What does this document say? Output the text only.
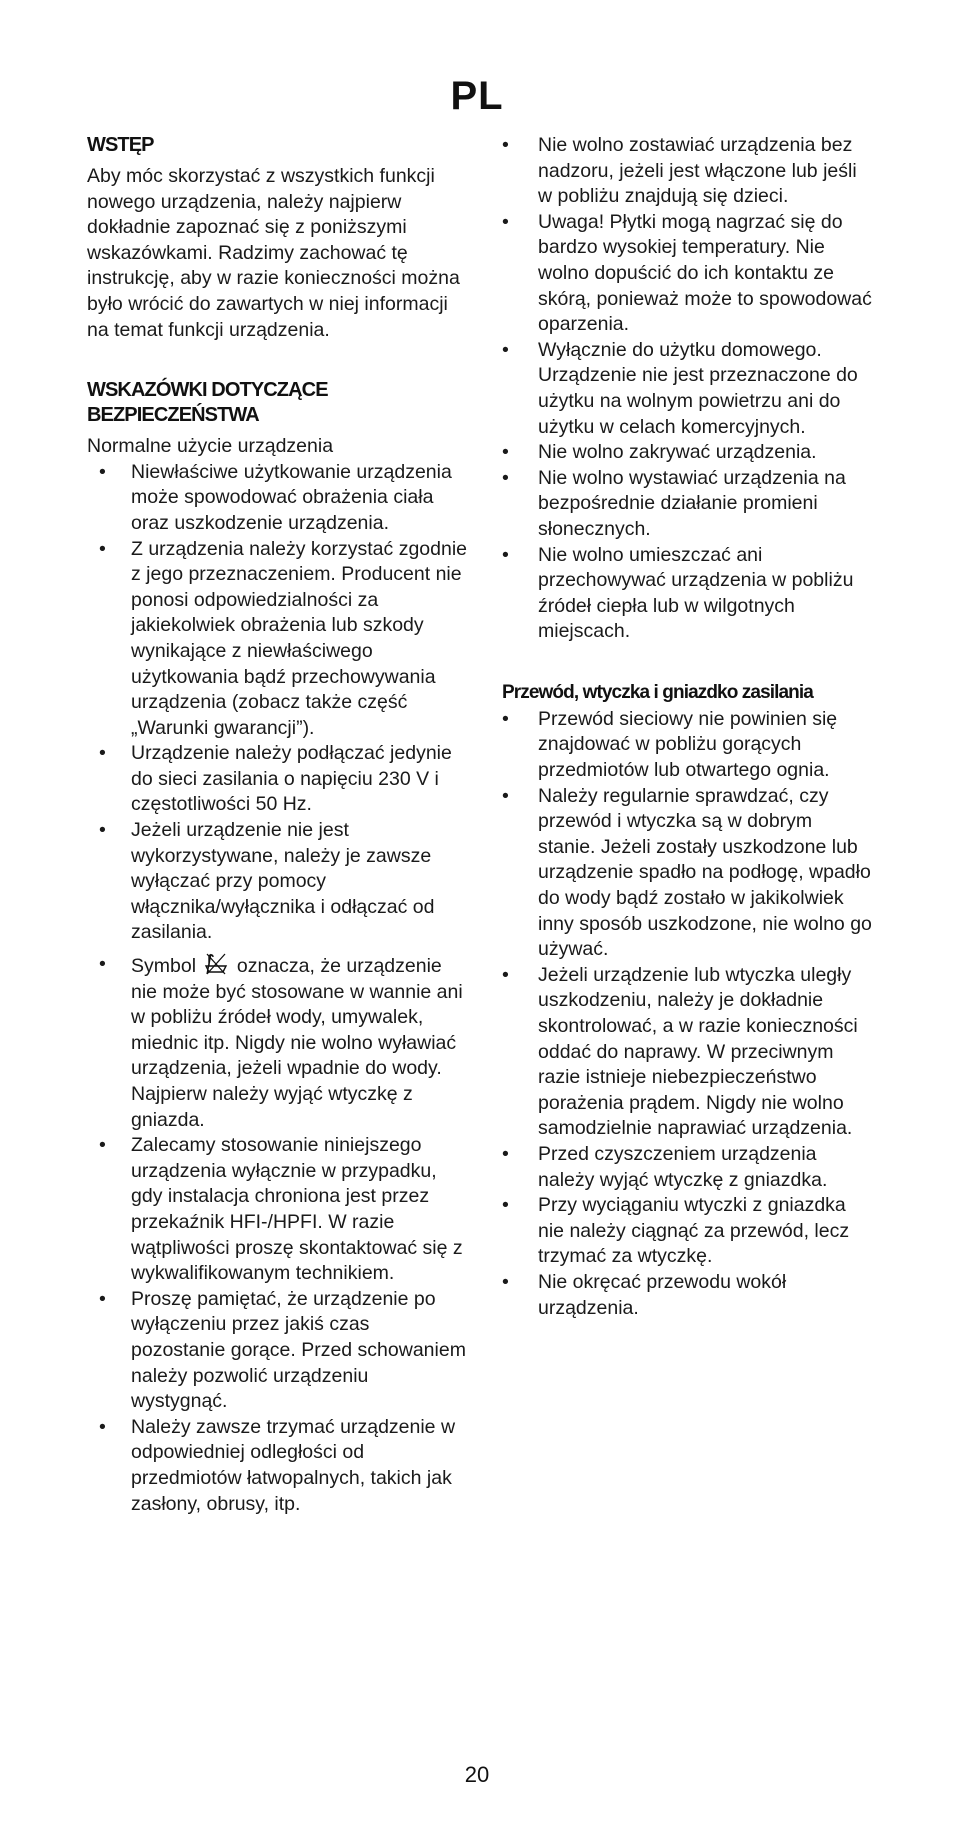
PL
WSTĘP

Aby móc skorzystać z wszystkich funkcji nowego urządzenia, należy najpierw dokładnie zapoznać się z poniższymi wskazówkami. Radzimy zachować tę instrukcję, aby w razie konieczności można było wrócić do zawartych w niej informacji na temat funkcji urządzenia.

WSKAZÓWKI DOTYCZĄCE BEZPIECZEŃSTWA

Normalne użycie urządzenia

• Niewłaściwe użytkowanie urządzenia może spowodować obrażenia ciała oraz uszkodzenie urządzenia.
• Z urządzenia należy korzystać zgodnie z jego przeznaczeniem. Producent nie ponosi odpowiedzialności za jakiekolwiek obrażenia lub szkody wynikające z niewłaściwego użytkowania bądź przechowywania urządzenia (zobacz także część „Warunki gwarancji”).
• Urządzenie należy podłączać jedynie do sieci zasilania o napięciu 230 V i częstotliwości 50 Hz.
• Jeżeli urządzenie nie jest wykorzystywane, należy je zawsze wyłączać przy pomocy włącznika/wyłącznika i odłączać od zasilania.
• Symbol oznacza, że urządzenie nie może być stosowane w wannie ani w pobliżu źródeł wody, umywalek, miednic itp. Nigdy nie wolno wyławiać urządzenia, jeżeli wpadnie do wody. Najpierw należy wyjąć wtyczkę z gniazda.
• Zalecamy stosowanie niniejszego urządzenia wyłącznie w przypadku, gdy instalacja chroniona jest przez przekaźnik HFI-/HPFI. W razie wątpliwości proszę skontaktować się z wykwalifikowanym technikiem.
• Proszę pamiętać, że urządzenie po wyłączeniu przez jakiś czas pozostanie gorące. Przed schowaniem należy pozwolić urządzeniu wystygnąć.
• Należy zawsze trzymać urządzenie w odpowiedniej odległości od przedmiotów łatwopalnych, takich jak zasłony, obrusy, itp.
• Nie wolno zostawiać urządzenia bez nadzoru, jeżeli jest włączone lub jeśli w pobliżu znajdują się dzieci.
• Uwaga! Płytki mogą nagrzać się do bardzo wysokiej temperatury. Nie wolno dopuścić do ich kontaktu ze skórą, ponieważ może to spowodować oparzenia.
• Wyłącznie do użytku domowego. Urządzenie nie jest przeznaczone do użytku na wolnym powietrzu ani do użytku w celach komercyjnych.
• Nie wolno zakrywać urządzenia.
• Nie wolno wystawiać urządzenia na bezpośrednie działanie promieni słonecznych.
• Nie wolno umieszczać ani przechowywać urządzenia w pobliżu źródeł ciepła lub w wilgotnych miejscach.
Przewód, wtyczka i gniazdko zasilania
• Przewód sieciowy nie powinien się znajdować w pobliżu gorących przedmiotów lub otwartego ognia.
• Należy regularnie sprawdzać, czy przewód i wtyczka są w dobrym stanie. Jeżeli zostały uszkodzone lub urządzenie spadło na podłogę, wpadło do wody bądź zostało w jakikolwiek inny sposób uszkodzone, nie wolno go używać.
• Jeżeli urządzenie lub wtyczka uległy uszkodzeniu, należy je dokładnie skontrolować, a w razie konieczności oddać do naprawy. W przeciwnym razie istnieje niebezpieczeństwo porażenia prądem. Nigdy nie wolno samodzielnie naprawiać urządzenia.
• Przed czyszczeniem urządzenia należy wyjąć wtyczkę z gniazdka.
• Przy wyciąganiu wtyczki z gniazdka nie należy ciągnąć za przewód, lecz trzymać za wtyczkę.
• Nie okręcać przewodu wokół urządzenia.
20
